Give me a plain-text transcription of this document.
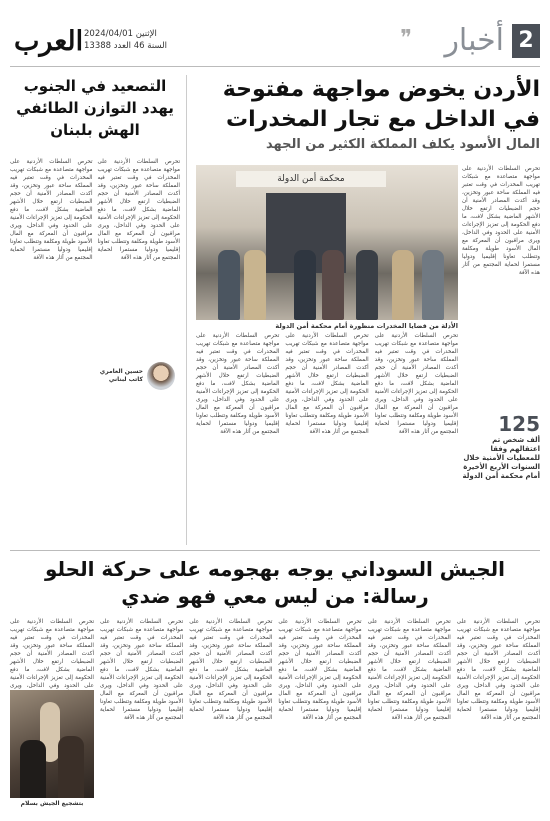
2
أخبار
❞
العرب الإثنين 2024/04/01
السنة 46 العدد 13388
الأردن يخوض مواجهة مفتوحة في الداخل مع تجار المخدرات
المال الأسود يكلف المملكة الكثير من الجهد
محكمة أمن الدولة
الأدلة من قضايا المخدرات منظورة أمام محكمة أمن الدولة
تحرص السلطات الأردنية على مواجهة متصاعدة مع شبكات تهريب المخدرات في وقت تعتبر فيه المملكة ساحة عبور وتخزين، وقد أكدت المصادر الأمنية أن حجم الضبطيات ارتفع خلال الأشهر الماضية بشكل لافت، ما دفع الحكومة إلى تعزيز الإجراءات الأمنية على الحدود وفي الداخل، ويرى مراقبون أن المعركة مع المال الأسود طويلة ومكلفة وتتطلب تعاونا إقليميا ودوليا مستمرا لحماية المجتمع من آثار هذه الآفة
125
ألف شخص تم اعتقالهم وفقا للمعطيات الأمنية خلال السنوات الأربع الأخيرة أمام محكمة أمن الدولة
تحرص السلطات الأردنية على مواجهة متصاعدة مع شبكات تهريب المخدرات في وقت تعتبر فيه المملكة ساحة عبور وتخزين، وقد أكدت المصادر الأمنية أن حجم الضبطيات ارتفع خلال الأشهر الماضية بشكل لافت، ما دفع الحكومة إلى تعزيز الإجراءات الأمنية على الحدود وفي الداخل، ويرى مراقبون أن المعركة مع المال الأسود طويلة ومكلفة وتتطلب تعاونا إقليميا ودوليا مستمرا لحماية المجتمع من آثار هذه الآفة
تحرص السلطات الأردنية على مواجهة متصاعدة مع شبكات تهريب المخدرات في وقت تعتبر فيه المملكة ساحة عبور وتخزين، وقد أكدت المصادر الأمنية أن حجم الضبطيات ارتفع خلال الأشهر الماضية بشكل لافت، ما دفع الحكومة إلى تعزيز الإجراءات الأمنية على الحدود وفي الداخل، ويرى مراقبون أن المعركة مع المال الأسود طويلة ومكلفة وتتطلب تعاونا إقليميا ودوليا مستمرا لحماية المجتمع من آثار هذه الآفة
تحرص السلطات الأردنية على مواجهة متصاعدة مع شبكات تهريب المخدرات في وقت تعتبر فيه المملكة ساحة عبور وتخزين، وقد أكدت المصادر الأمنية أن حجم الضبطيات ارتفع خلال الأشهر الماضية بشكل لافت، ما دفع الحكومة إلى تعزيز الإجراءات الأمنية على الحدود وفي الداخل، ويرى مراقبون أن المعركة مع المال الأسود طويلة ومكلفة وتتطلب تعاونا إقليميا ودوليا مستمرا لحماية المجتمع من آثار هذه الآفة
التصعيد في الجنوب يهدد التوازن الطائفي الهش بلبنان
تحرص السلطات الأردنية على مواجهة متصاعدة مع شبكات تهريب المخدرات في وقت تعتبر فيه المملكة ساحة عبور وتخزين، وقد أكدت المصادر الأمنية أن حجم الضبطيات ارتفع خلال الأشهر الماضية بشكل لافت، ما دفع الحكومة إلى تعزيز الإجراءات الأمنية على الحدود وفي الداخل، ويرى مراقبون أن المعركة مع المال الأسود طويلة ومكلفة وتتطلب تعاونا إقليميا ودوليا مستمرا لحماية المجتمع من آثار هذه الآفة
تحرص السلطات الأردنية على مواجهة متصاعدة مع شبكات تهريب المخدرات في وقت تعتبر فيه المملكة ساحة عبور وتخزين، وقد أكدت المصادر الأمنية أن حجم الضبطيات ارتفع خلال الأشهر الماضية بشكل لافت، ما دفع الحكومة إلى تعزيز الإجراءات الأمنية على الحدود وفي الداخل، ويرى مراقبون أن المعركة مع المال الأسود طويلة ومكلفة وتتطلب تعاونا إقليميا ودوليا مستمرا لحماية المجتمع من آثار هذه الآفة
حسين العامري
كاتب لبناني
الجيش السوداني يوجه بهجومه على حركة الحلو
رسالة: من ليس معي فهو ضدي
تحرص السلطات الأردنية على مواجهة متصاعدة مع شبكات تهريب المخدرات في وقت تعتبر فيه المملكة ساحة عبور وتخزين، وقد أكدت المصادر الأمنية أن حجم الضبطيات ارتفع خلال الأشهر الماضية بشكل لافت، ما دفع الحكومة إلى تعزيز الإجراءات الأمنية على الحدود وفي الداخل، ويرى مراقبون أن المعركة مع المال الأسود طويلة ومكلفة وتتطلب تعاونا إقليميا ودوليا مستمرا لحماية المجتمع من آثار هذه الآفة
تحرص السلطات الأردنية على مواجهة متصاعدة مع شبكات تهريب المخدرات في وقت تعتبر فيه المملكة ساحة عبور وتخزين، وقد أكدت المصادر الأمنية أن حجم الضبطيات ارتفع خلال الأشهر الماضية بشكل لافت، ما دفع الحكومة إلى تعزيز الإجراءات الأمنية على الحدود وفي الداخل، ويرى مراقبون أن المعركة مع المال الأسود طويلة ومكلفة وتتطلب تعاونا إقليميا ودوليا مستمرا لحماية المجتمع من آثار هذه الآفة
تحرص السلطات الأردنية على مواجهة متصاعدة مع شبكات تهريب المخدرات في وقت تعتبر فيه المملكة ساحة عبور وتخزين، وقد أكدت المصادر الأمنية أن حجم الضبطيات ارتفع خلال الأشهر الماضية بشكل لافت، ما دفع الحكومة إلى تعزيز الإجراءات الأمنية على الحدود وفي الداخل، ويرى مراقبون أن المعركة مع المال الأسود طويلة ومكلفة وتتطلب تعاونا إقليميا ودوليا مستمرا لحماية المجتمع من آثار هذه الآفة
تحرص السلطات الأردنية على مواجهة متصاعدة مع شبكات تهريب المخدرات في وقت تعتبر فيه المملكة ساحة عبور وتخزين، وقد أكدت المصادر الأمنية أن حجم الضبطيات ارتفع خلال الأشهر الماضية بشكل لافت، ما دفع الحكومة إلى تعزيز الإجراءات الأمنية على الحدود وفي الداخل، ويرى مراقبون أن المعركة مع المال الأسود طويلة ومكلفة وتتطلب تعاونا إقليميا ودوليا مستمرا لحماية المجتمع من آثار هذه الآفة
تحرص السلطات الأردنية على مواجهة متصاعدة مع شبكات تهريب المخدرات في وقت تعتبر فيه المملكة ساحة عبور وتخزين، وقد أكدت المصادر الأمنية أن حجم الضبطيات ارتفع خلال الأشهر الماضية بشكل لافت، ما دفع الحكومة إلى تعزيز الإجراءات الأمنية على الحدود وفي الداخل، ويرى مراقبون أن المعركة مع المال الأسود طويلة ومكلفة وتتطلب تعاونا إقليميا ودوليا مستمرا لحماية المجتمع من آثار هذه الآفة
تحرص السلطات الأردنية على مواجهة متصاعدة مع شبكات تهريب المخدرات في وقت تعتبر فيه المملكة ساحة عبور وتخزين، وقد أكدت المصادر الأمنية أن حجم الضبطيات ارتفع خلال الأشهر الماضية بشكل لافت، ما دفع الحكومة إلى تعزيز الإجراءات الأمنية على الحدود وفي الداخل، ويرى
بتشجيع الجيش بسلام
